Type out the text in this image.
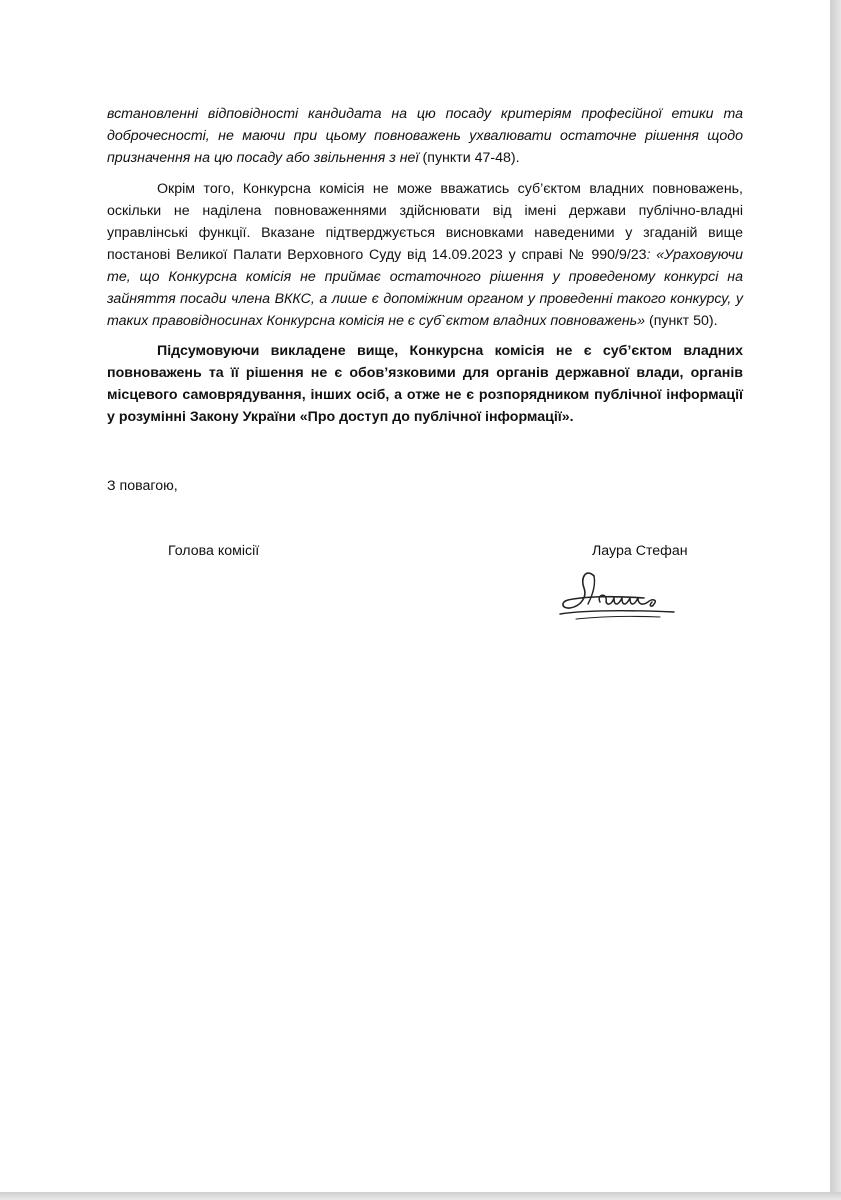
встановленні відповідності кандидата на цю посаду критеріям професійної етики та доброчесності, не маючи при цьому повноважень ухвалювати остаточне рішення щодо призначення на цю посаду або звільнення з неї (пункти 47-48).

Окрім того, Конкурсна комісія не може вважатись суб’єктом владних повноважень, оскільки не наділена повноваженнями здійснювати від імені держави публічно-владні управлінські функції. Вказане підтверджується висновками наведеними у згаданій вище постанові Великої Палати Верховного Суду від 14.09.2023 у справі № 990/9/23: «Ураховуючи те, що Конкурсна комісія не приймає остаточного рішення у проведеному конкурсі на зайняття посади члена ВККС, а лише є допоміжним органом у проведенні такого конкурсу, у таких правовідносинах Конкурсна комісія не є суб`єктом владних повноважень» (пункт 50).

Підсумовуючи викладене вище, Конкурсна комісія не є суб’єктом владних повноважень та її рішення не є обов’язковими для органів державної влади, органів місцевого самоврядування, інших осіб, а отже не є розпорядником публічної інформації у розумінні Закону України «Про доступ до публічної інформації».

З повагою,
Голова комісії	Лаура Стефан
